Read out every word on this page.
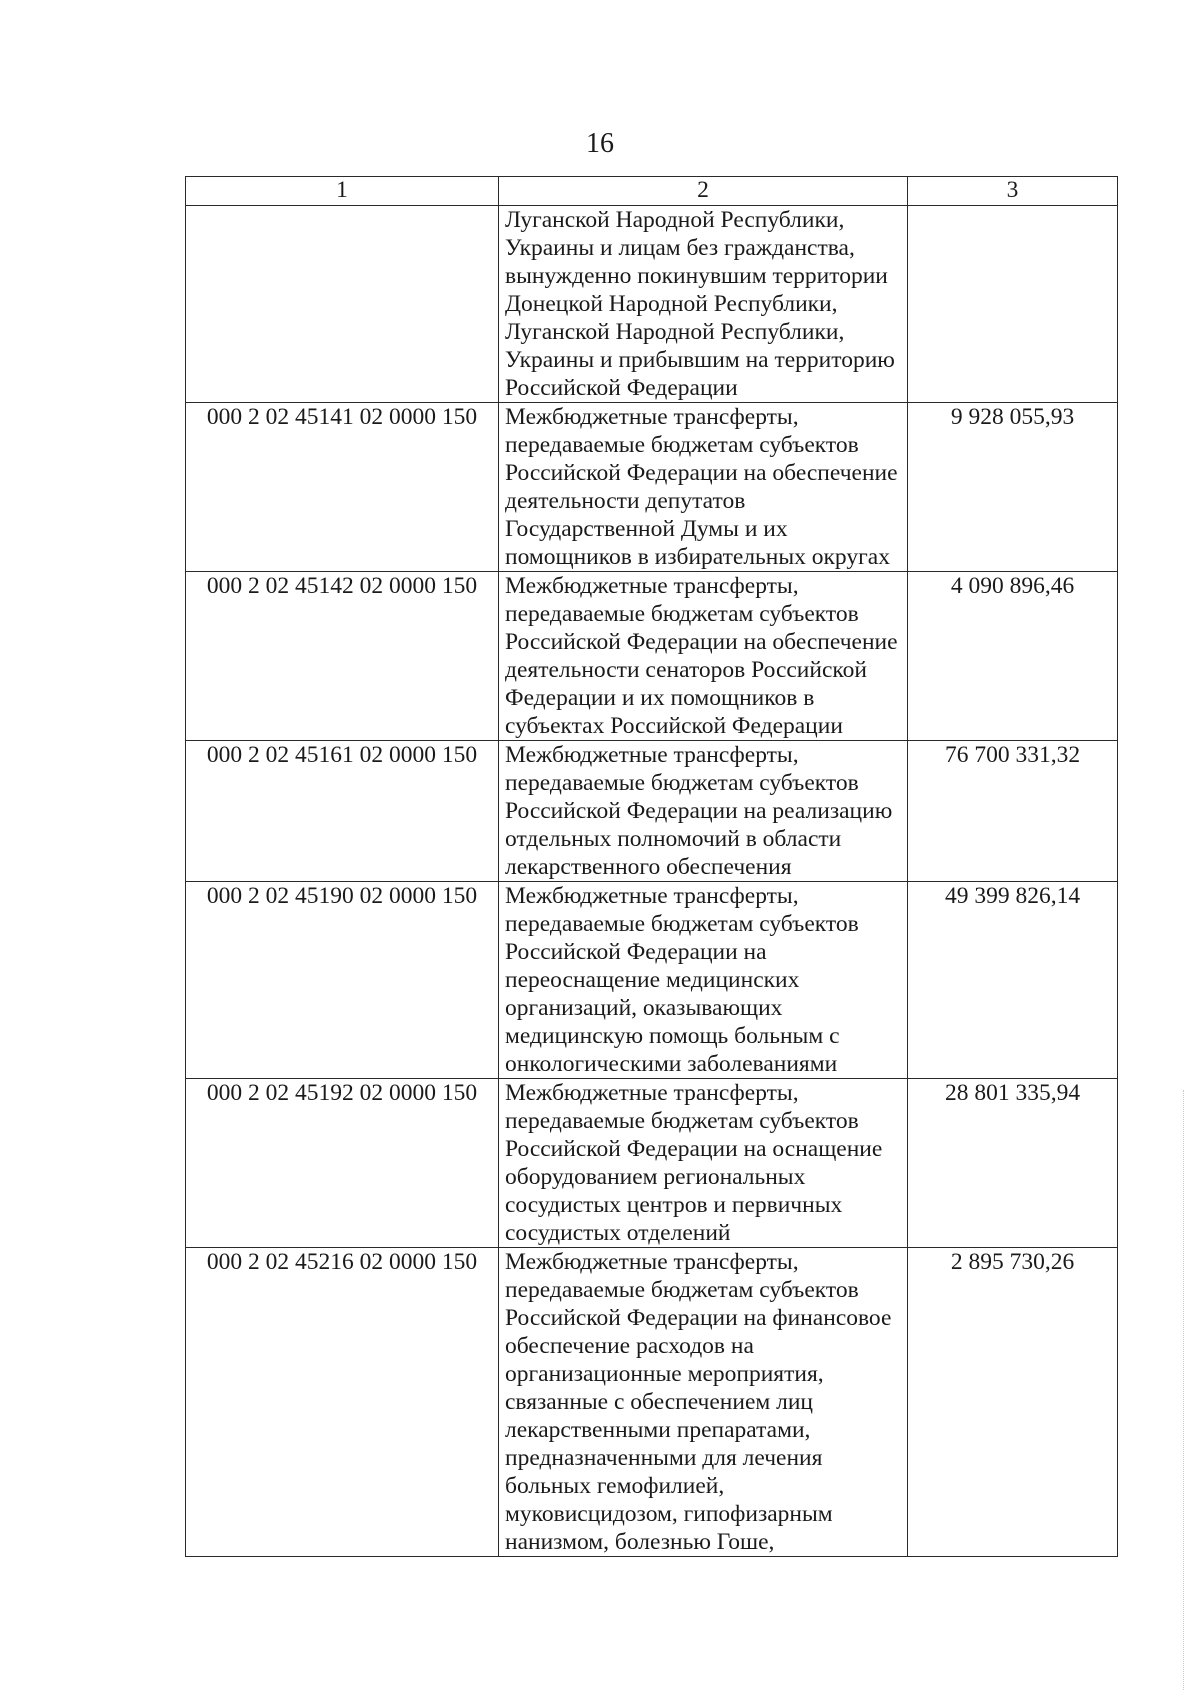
16
1	2	3
	Луганской Народной Республики, Украины и лицам без гражданства, вынужденно покинувшим территории Донецкой Народной Республики, Луганской Народной Республики, Украины и прибывшим на территорию Российской Федерации	
000 2 02 45141 02 0000 150	Межбюджетные трансферты, передаваемые бюджетам субъектов Российской Федерации на обеспечение деятельности депутатов Государственной Думы и их помощников в избирательных округах	9 928 055,93
000 2 02 45142 02 0000 150	Межбюджетные трансферты, передаваемые бюджетам субъектов Российской Федерации на обеспечение деятельности сенаторов Российской Федерации и их помощников в субъектах Российской Федерации	4 090 896,46
000 2 02 45161 02 0000 150	Межбюджетные трансферты, передаваемые бюджетам субъектов Российской Федерации на реализацию отдельных полномочий в области лекарственного обеспечения	76 700 331,32
000 2 02 45190 02 0000 150	Межбюджетные трансферты, передаваемые бюджетам субъектов Российской Федерации на переоснащение медицинских организаций, оказывающих медицинскую помощь больным с онкологическими заболеваниями	49 399 826,14
000 2 02 45192 02 0000 150	Межбюджетные трансферты, передаваемые бюджетам субъектов Российской Федерации на оснащение оборудованием региональных сосудистых центров и первичных сосудистых отделений	28 801 335,94
000 2 02 45216 02 0000 150	Межбюджетные трансферты, передаваемые бюджетам субъектов Российской Федерации на финансовое обеспечение расходов на организационные мероприятия, связанные с обеспечением лиц лекарственными препаратами, предназначенными для лечения больных гемофилией, муковисцидозом, гипофизарным нанизмом, болезнью Гоше,	2 895 730,26
